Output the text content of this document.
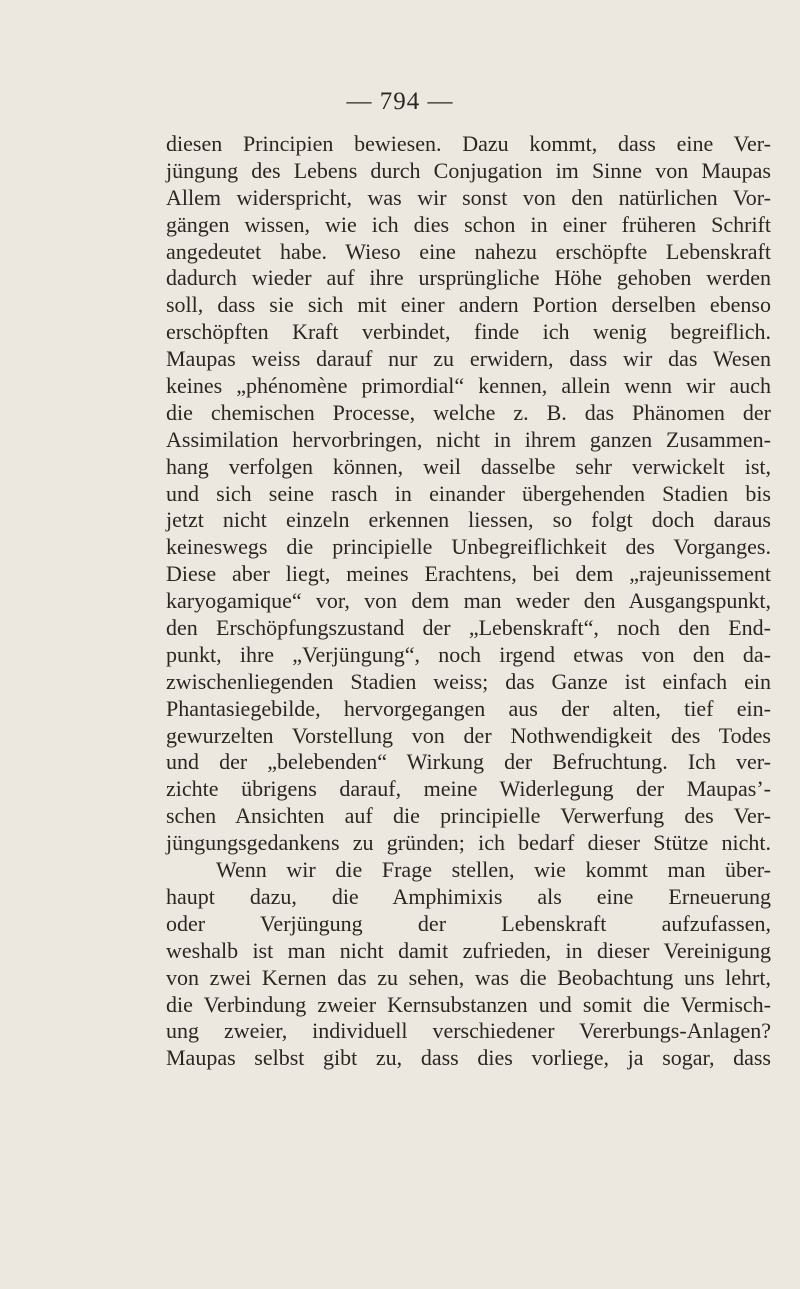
— 794 —
diesen Principien bewiesen. Dazu kommt, dass eine Ver-
jüngung des Lebens durch Conjugation im Sinne von Maupas
Allem widerspricht, was wir sonst von den natürlichen Vor-
gängen wissen, wie ich dies schon in einer früheren Schrift
angedeutet habe. Wieso eine nahezu erschöpfte Lebenskraft
dadurch wieder auf ihre ursprüngliche Höhe gehoben werden
soll, dass sie sich mit einer andern Portion derselben ebenso
erschöpften Kraft verbindet, finde ich wenig begreiflich.
Maupas weiss darauf nur zu erwidern, dass wir das Wesen
keines „phénomène primordial“ kennen, allein wenn wir auch
die chemischen Processe, welche z. B. das Phänomen der
Assimilation hervorbringen, nicht in ihrem ganzen Zusammen-
hang verfolgen können, weil dasselbe sehr verwickelt ist,
und sich seine rasch in einander übergehenden Stadien bis
jetzt nicht einzeln erkennen liessen, so folgt doch daraus
keineswegs die principielle Unbegreiflichkeit des Vorganges.
Diese aber liegt, meines Erachtens, bei dem „rajeunissement
karyogamique“ vor, von dem man weder den Ausgangspunkt,
den Erschöpfungszustand der „Lebenskraft“, noch den End-
punkt, ihre „Verjüngung“, noch irgend etwas von den da-
zwischenliegenden Stadien weiss; das Ganze ist einfach ein
Phantasiegebilde, hervorgegangen aus der alten, tief ein-
gewurzelten Vorstellung von der Nothwendigkeit des Todes
und der „belebenden“ Wirkung der Befruchtung. Ich ver-
zichte übrigens darauf, meine Widerlegung der Maupas’-
schen Ansichten auf die principielle Verwerfung des Ver-
jüngungsgedankens zu gründen; ich bedarf dieser Stütze nicht.
Wenn wir die Frage stellen, wie kommt man über-
haupt dazu, die Amphimixis als eine Erneuerung
oder Verjüngung der Lebenskraft aufzufassen,
weshalb ist man nicht damit zufrieden, in dieser Vereinigung
von zwei Kernen das zu sehen, was die Beobachtung uns lehrt,
die Verbindung zweier Kernsubstanzen und somit die Vermisch-
ung zweier, individuell verschiedener Vererbungs-Anlagen?
Maupas selbst gibt zu, dass dies vorliege, ja sogar, dass
